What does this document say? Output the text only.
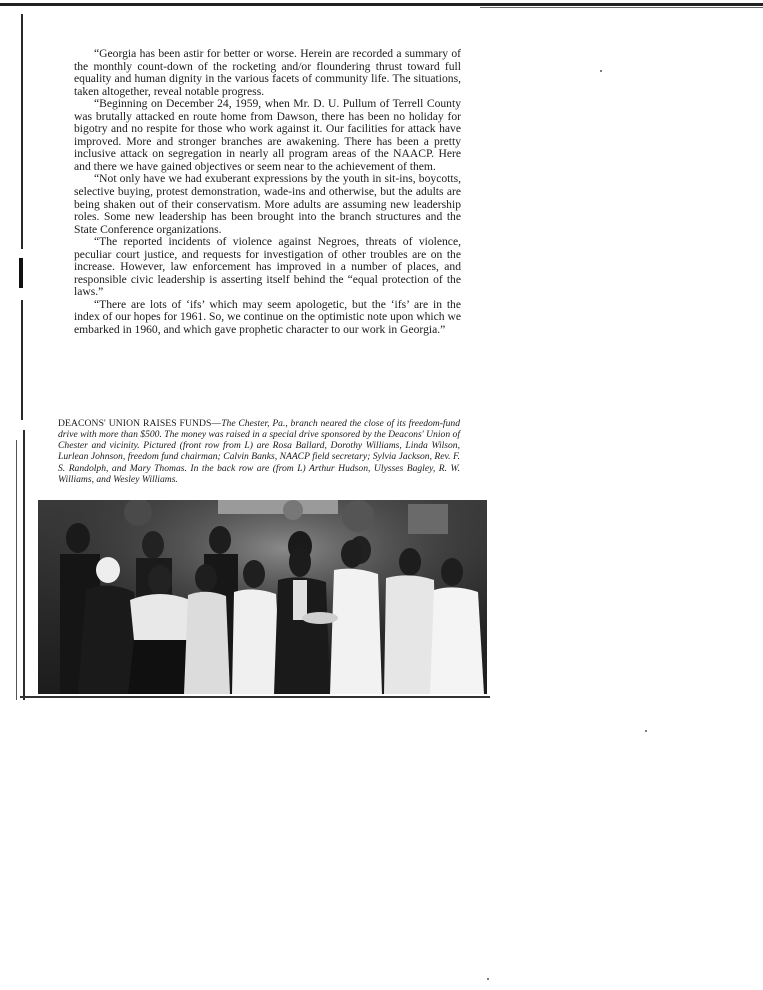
“Georgia has been astir for better or worse. Herein are recorded a summary of the monthly count-down of the rocketing and/or floundering thrust toward full equality and human dignity in the various facets of community life. The situations, taken altogether, reveal notable progress.

“Beginning on December 24, 1959, when Mr. D. U. Pullum of Terrell County was brutally attacked en route home from Dawson, there has been no holiday for bigotry and no respite for those who work against it. Our facilities for attack have improved. More and stronger branches are awakening. There has been a pretty inclusive attack on segregation in nearly all program areas of the NAACP. Here and there we have gained objectives or seem near to the achievement of them.

“Not only have we had exuberant expressions by the youth in sit-ins, boycotts, selective buying, protest demonstration, wade-ins and otherwise, but the adults are being shaken out of their conservatism. More adults are assuming new leadership roles. Some new leadership has been brought into the branch structures and the State Conference organizations.

“The reported incidents of violence against Negroes, threats of violence, peculiar court justice, and requests for investigation of other troubles are on the increase. However, law enforcement has improved in a number of places, and responsible civic leadership is asserting itself behind the “equal protection of the laws.”

“There are lots of ‘ifs’ which may seem apologetic, but the ‘ifs’ are in the index of our hopes for 1961. So, we continue on the optimistic note upon which we embarked in 1960, and which gave prophetic character to our work in Georgia.”

DEACONS' UNION RAISES FUNDS—The Chester, Pa., branch neared the close of its freedom-fund drive with more than $500. The money was raised in a special drive sponsored by the Deacons' Union of Chester and vicinity. Pictured (front row from L) are Rosa Ballard, Dorothy Williams, Linda Wilson, Lurlean Johnson, freedom fund chairman; Calvin Banks, NAACP field secretary; Sylvia Jackson, Rev. F. S. Randolph, and Mary Thomas. In the back row are (from L) Arthur Hudson, Ulysses Bagley, R. W. Williams, and Wesley Williams.
